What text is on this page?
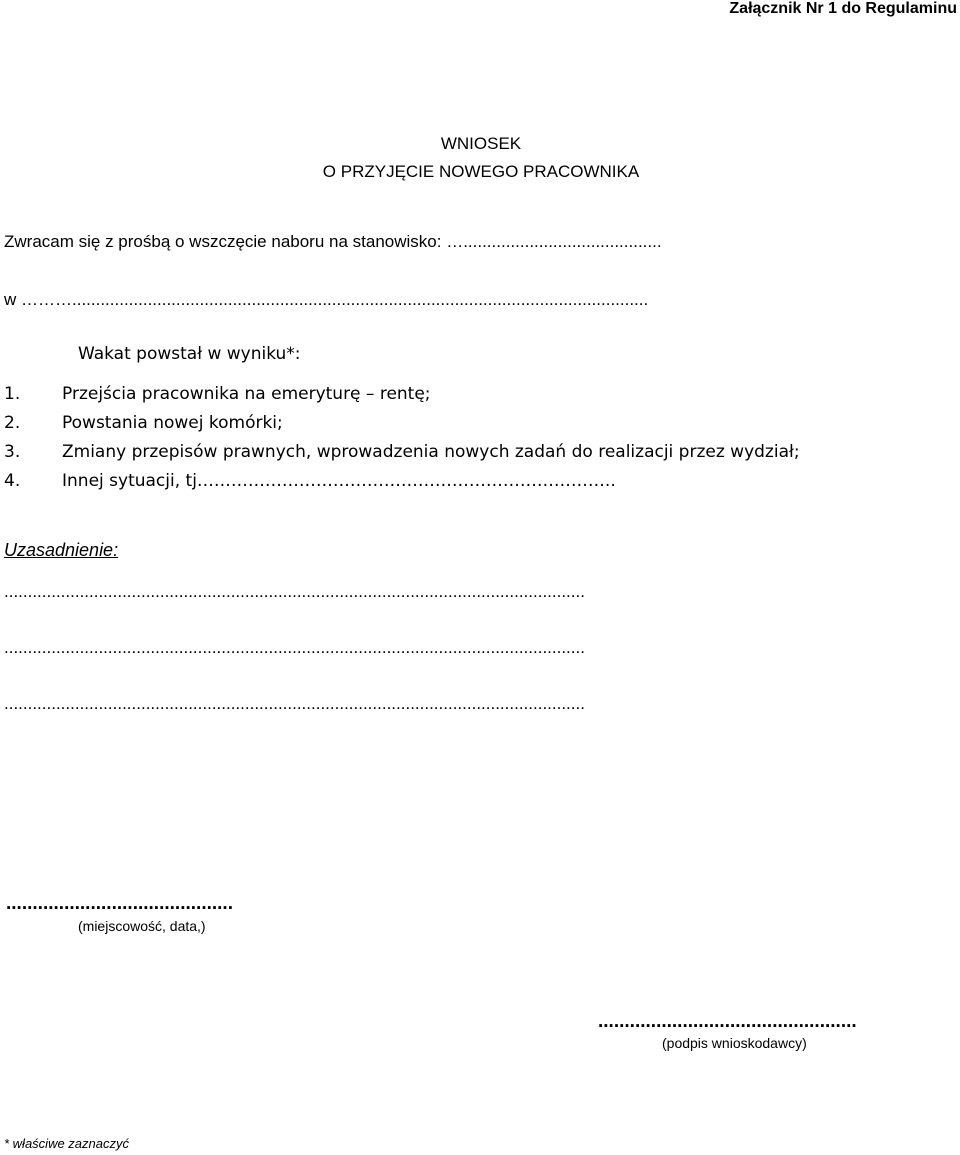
Załącznik Nr 1 do Regulaminu
WNIOSEK
O PRZYJĘCIE NOWEGO PRACOWNIKA
Zwracam się z prośbą o wszczęcie naboru na stanowisko: …..........................................
w ………..........................................................................................................................
Wakat powstał w wyniku*:
1. Przejścia pracownika na emeryturę – rentę;
2. Powstania nowej komórki;
3. Zmiany przepisów prawnych, wprowadzenia nowych zadań do realizacji przez wydział;
4. Innej sytuacji, tj………………………………………………………………..
Uzasadnienie:
...........................................................................................................................
...........................................................................................................................
...........................................................................................................................
...........................................
(miejscowość, data,)
.................................................
(podpis wnioskodawcy)
* właściwe zaznaczyć
